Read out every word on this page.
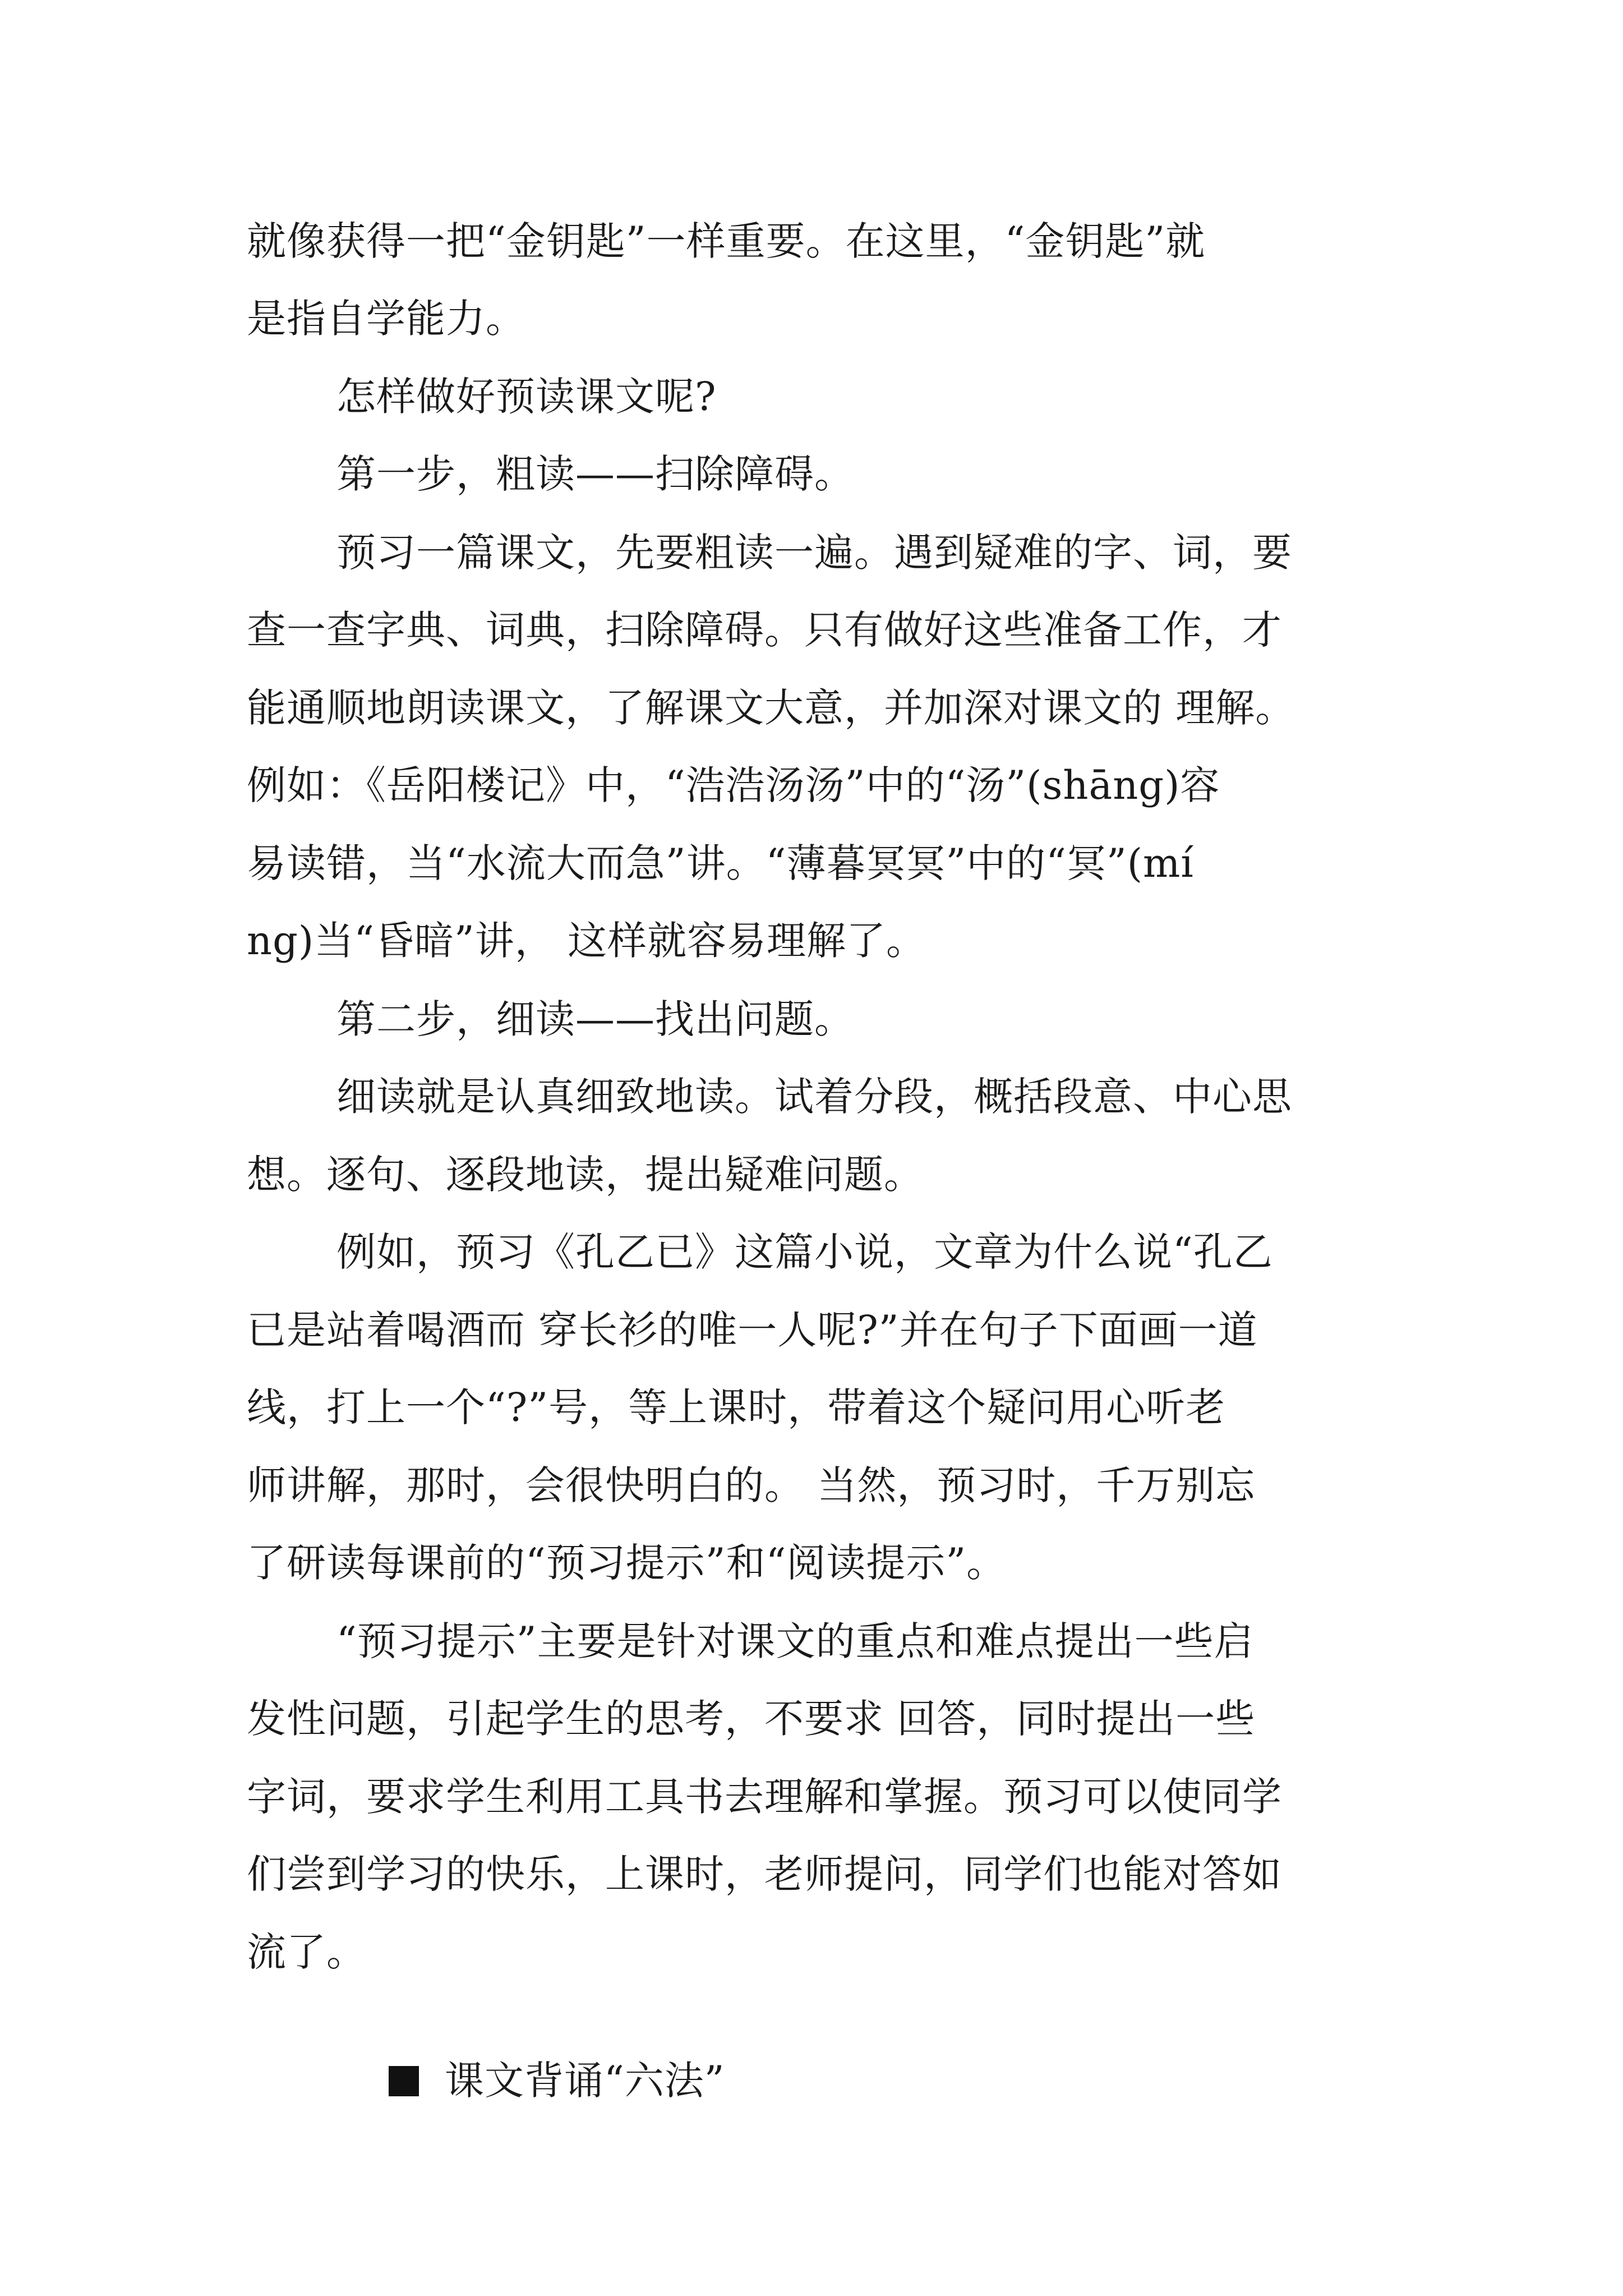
就像获得一把“金钥匙”一样重要。在这里，“金钥匙”就
是指自学能力。
怎样做好预读课文呢?
第一步，粗读——扫除障碍。
预习一篇课文，先要粗读一遍。遇到疑难的字、词，要
查一查字典、词典，扫除障碍。只有做好这些准备工作，才
能通顺地朗读课文，了解课文大意，并加深对课文的 理解。
例如：《岳阳楼记》中，“浩浩汤汤”中的“汤”(shāng)容
易读错，当“水流大而急”讲。“薄暮冥冥”中的“冥”(mí
ng)当“昏暗”讲， 这样就容易理解了。
第二步，细读——找出问题。
细读就是认真细致地读。试着分段，概括段意、中心思
想。逐句、逐段地读，提出疑难问题。
例如，预习《孔乙已》这篇小说，文章为什么说“孔乙
已是站着喝酒而 穿长衫的唯一人呢?”并在句子下面画一道
线，打上一个“?”号，等上课时，带着这个疑问用心听老
师讲解，那时，会很快明白的。 当然，预习时，千万别忘
了研读每课前的“预习提示”和“阅读提示”。
“预习提示”主要是针对课文的重点和难点提出一些启
发性问题，引起学生的思考，不要求 回答，同时提出一些
字词，要求学生利用工具书去理解和掌握。预习可以使同学
们尝到学习的快乐，上课时，老师提问，同学们也能对答如
流了。

课文背诵“六法”
